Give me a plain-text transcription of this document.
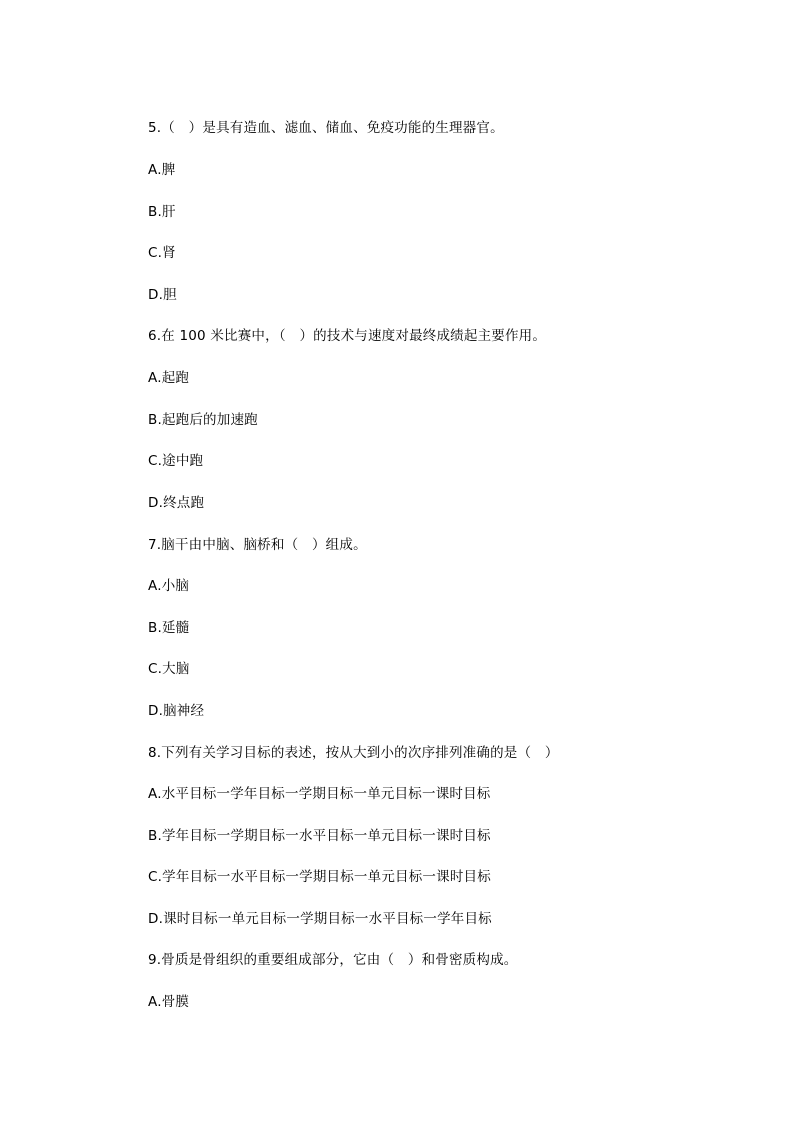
5.（　）是具有造血、滤血、储血、免疫功能的生理器官。
A.脾
B.肝
C.肾
D.胆
6.在 100 米比赛中，（　）的技术与速度对最终成绩起主要作用。
A.起跑
B.起跑后的加速跑
C.途中跑
D.终点跑
7.脑干由中脑、脑桥和（　）组成。
A.小脑
B.延髓
C.大脑
D.脑神经
8.下列有关学习目标的表述，按从大到小的次序排列准确的是（　）
A.水平目标一学年目标一学期目标一单元目标一课时目标
B.学年目标一学期目标一水平目标一单元目标一课时目标
C.学年目标一水平目标一学期目标一单元目标一课时目标
D.课时目标一单元目标一学期目标一水平目标一学年目标
9.骨质是骨组织的重要组成部分，它由（　）和骨密质构成。
A.骨膜
